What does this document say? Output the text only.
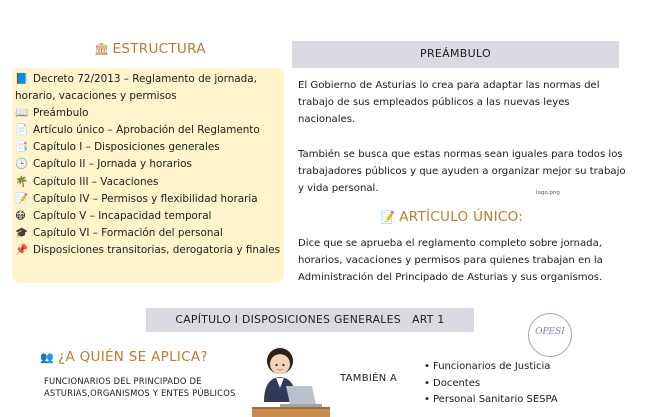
🏛 ESTRUCTURA
📘 Decreto 72/2013 – Reglamento de jornada, horario, vacaciones y permisos
📖 Preámbulo
📄 Artículo único – Aprobación del Reglamento
📑 Capítulo I – Disposiciones generales
🕒 Capítulo II – Jornada y horarios
🌴 Capítulo III – Vacaciones
📝 Capítulo IV – Permisos y flexibilidad horaria
😷 Capítulo V – Incapacidad temporal
🎓 Capítulo VI – Formación del personal
📌 Disposiciones transitorias, derogatoria y finales
PREÁMBULO
El Gobierno de Asturias lo crea para adaptar las normas del trabajo de sus empleados públicos a las nuevas leyes nacionales.
También se busca que estas normas sean iguales para todos los trabajadores públicos y que ayuden a organizar mejor su trabajo y vida personal.	logo.png
📝 ARTÍCULO ÚNICO:
Dice que se aprueba el reglamento completo sobre jornada, horarios, vacaciones y permisos para quienes trabajan en la Administración del Principado de Asturias y sus organismos.
CAPÍTULO I DISPOSICIONES GENERALES   ART 1
OPESI
👥 ¿A QUIÉN SE APLICA?
FUNCIONARIOS DEL PRINCIPADO DE ASTURIAS,ORGANISMOS Y ENTES PÚBLICOS
TAMBIÉN A
• Funcionarios de Justicia
• Docentes
• Personal Sanitario SESPA
